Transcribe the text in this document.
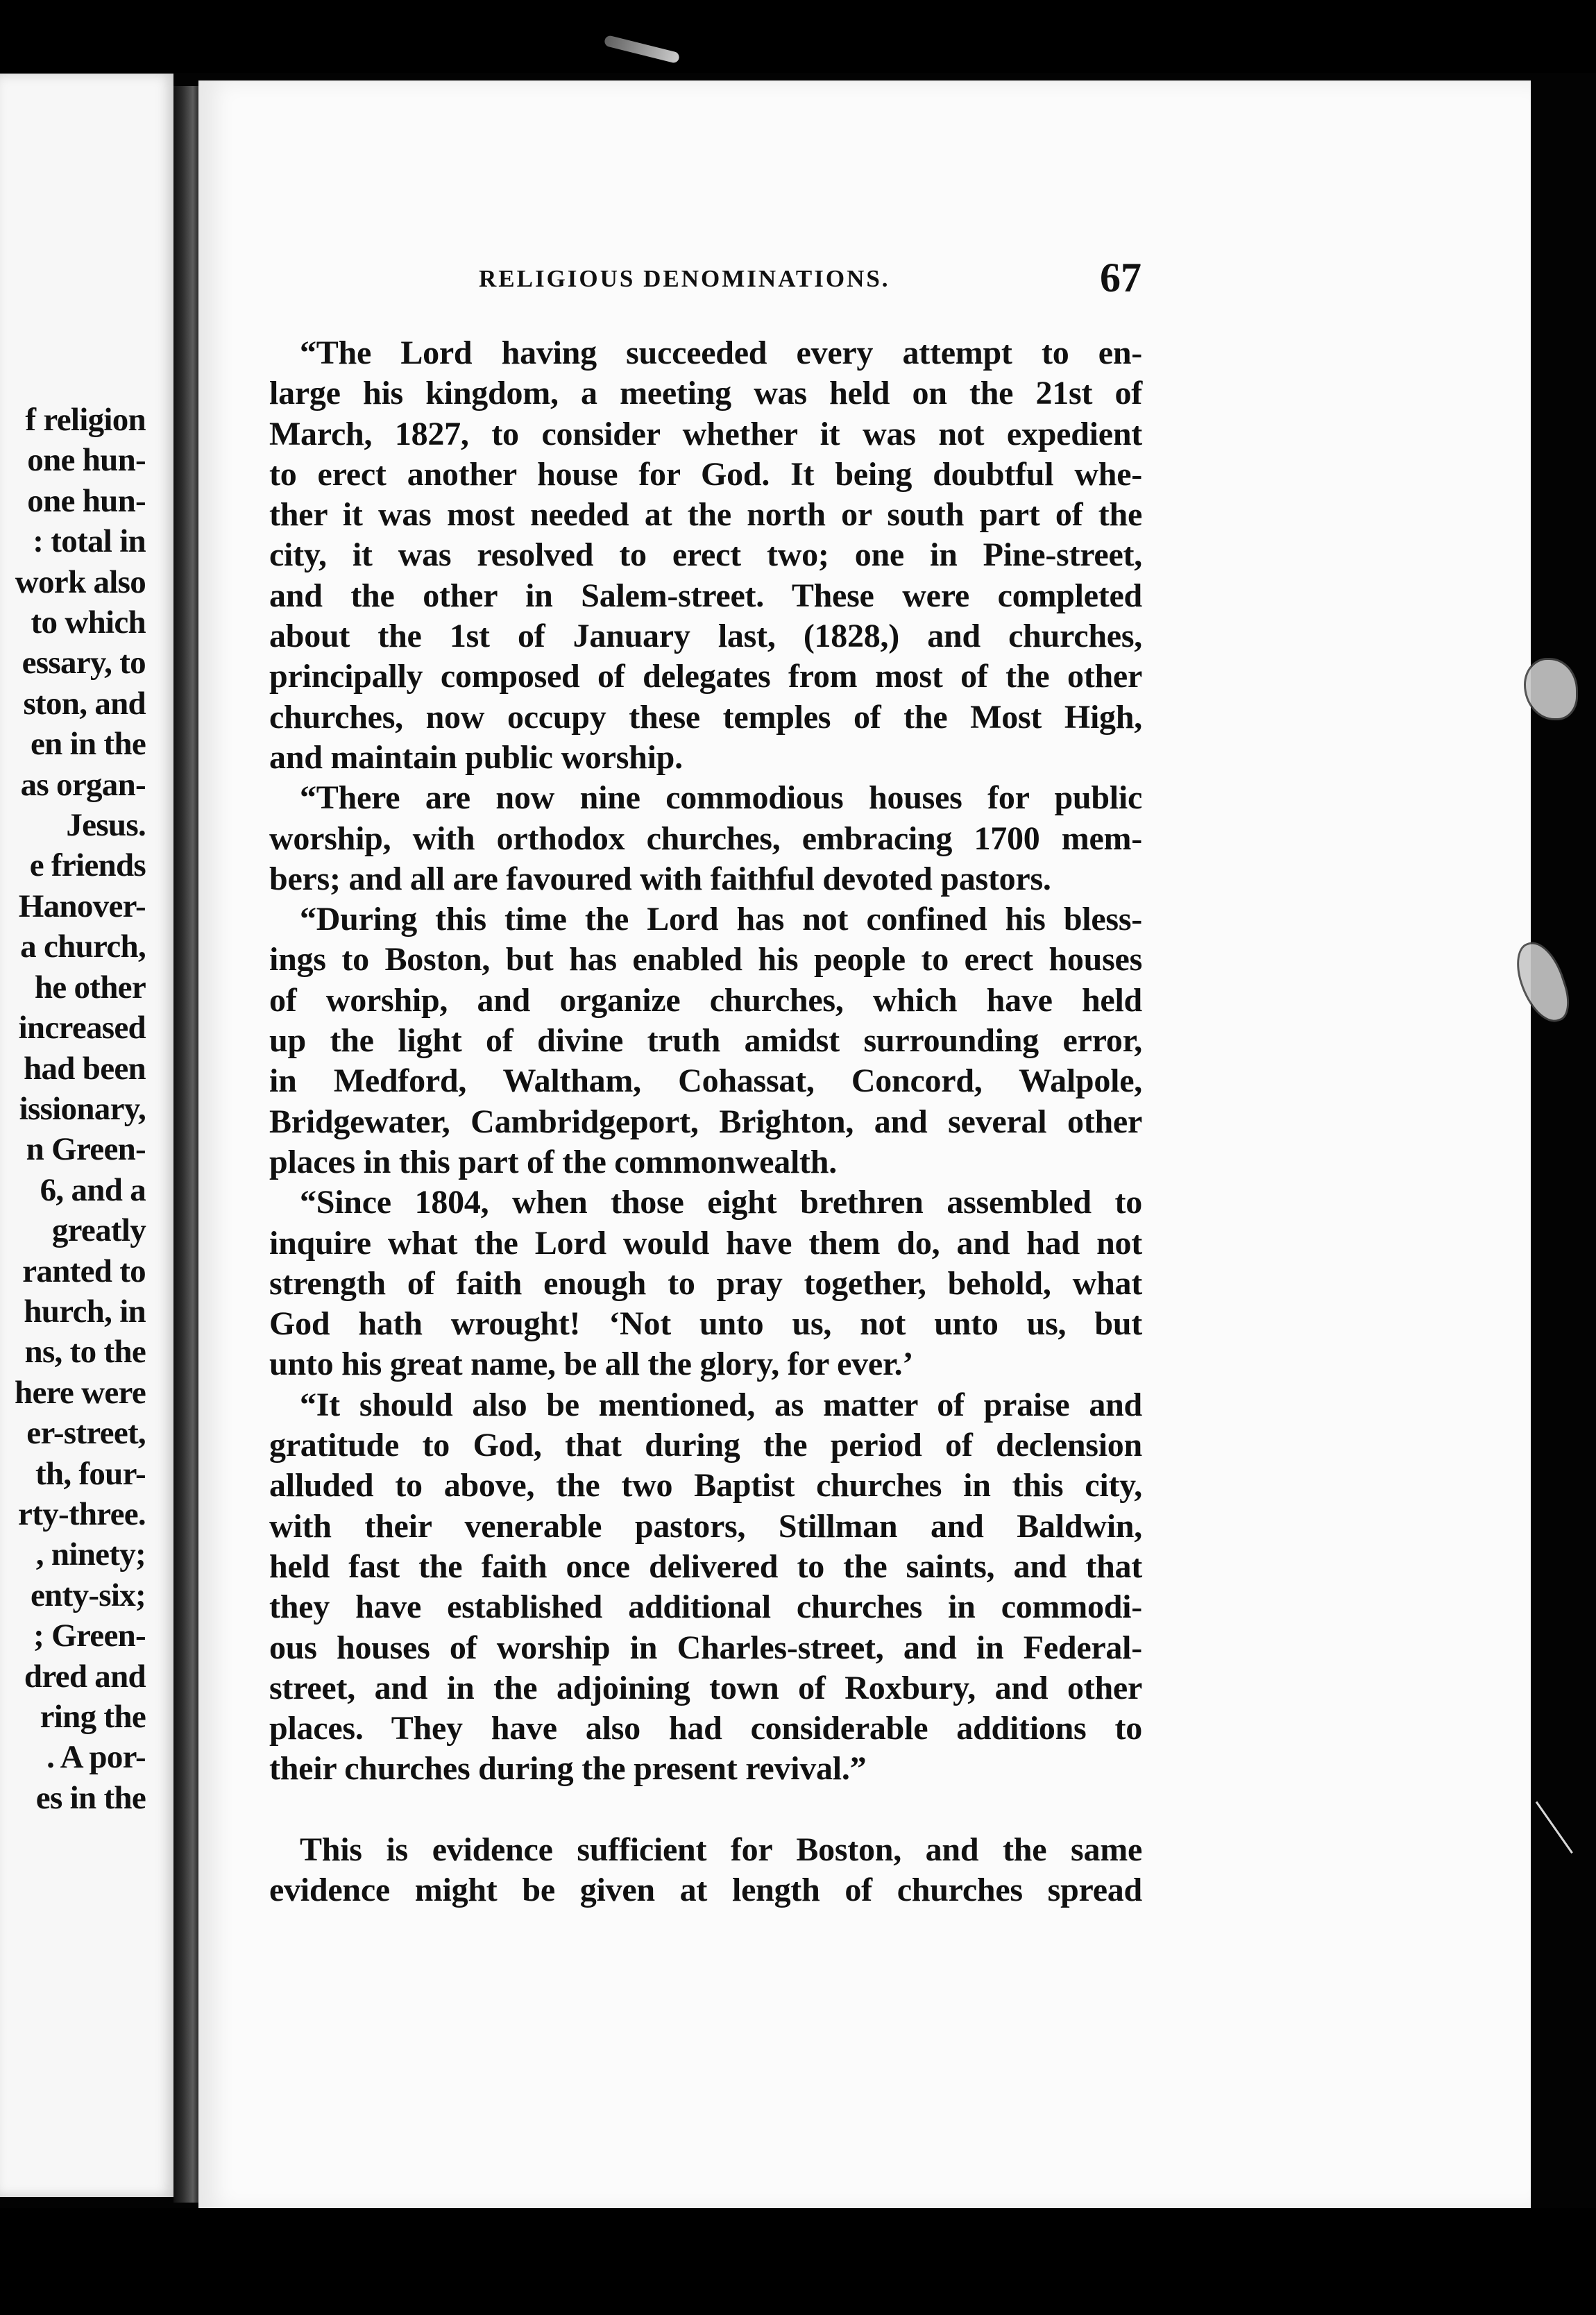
f religion
one hun-
one hun-
: total in
work also
to which
essary, to
ston, and
en in the
as organ-
Jesus.
e friends
Hanover-
a church,
he other
increased
had been
issionary,
n Green-
6, and a
greatly
ranted to
hurch, in
ns, to the
here were
er-street,
th, four-
rty-three.
, ninety;
enty-six;
; Green-
dred and
ring the
. A por-
es in the
RELIGIOUS DENOMINATIONS.	67

“The Lord having succeeded every attempt to en-

large his kingdom, a meeting was held on the 21st of

March, 1827, to consider whether it was not expedient

to erect another house for God. It being doubtful whe-

ther it was most needed at the north or south part of the

city, it was resolved to erect two; one in Pine-street,

and the other in Salem-street. These were completed

about the 1st of January last, (1828,) and churches,

principally composed of delegates from most of the other

churches, now occupy these temples of the Most High,

and maintain public worship.

“There are now nine commodious houses for public

worship, with orthodox churches, embracing 1700 mem-

bers; and all are favoured with faithful devoted pastors.

“During this time the Lord has not confined his bless-

ings to Boston, but has enabled his people to erect houses

of worship, and organize churches, which have held

up the light of divine truth amidst surrounding error,

in Medford, Waltham, Cohassat, Concord, Walpole,

Bridgewater, Cambridgeport, Brighton, and several other

places in this part of the commonwealth.

“Since 1804, when those eight brethren assembled to

inquire what the Lord would have them do, and had not

strength of faith enough to pray together, behold, what

God hath wrought! ‘Not unto us, not unto us, but

unto his great name, be all the glory, for ever.’

“It should also be mentioned, as matter of praise and

gratitude to God, that during the period of declension

alluded to above, the two Baptist churches in this city,

with their venerable pastors, Stillman and Baldwin,

held fast the faith once delivered to the saints, and that

they have established additional churches in commodi-

ous houses of worship in Charles-street, and in Federal-

street, and in the adjoining town of Roxbury, and other

places. They have also had considerable additions to

their churches during the present revival.”

This is evidence sufficient for Boston, and the same

evidence might be given at length of churches spread
